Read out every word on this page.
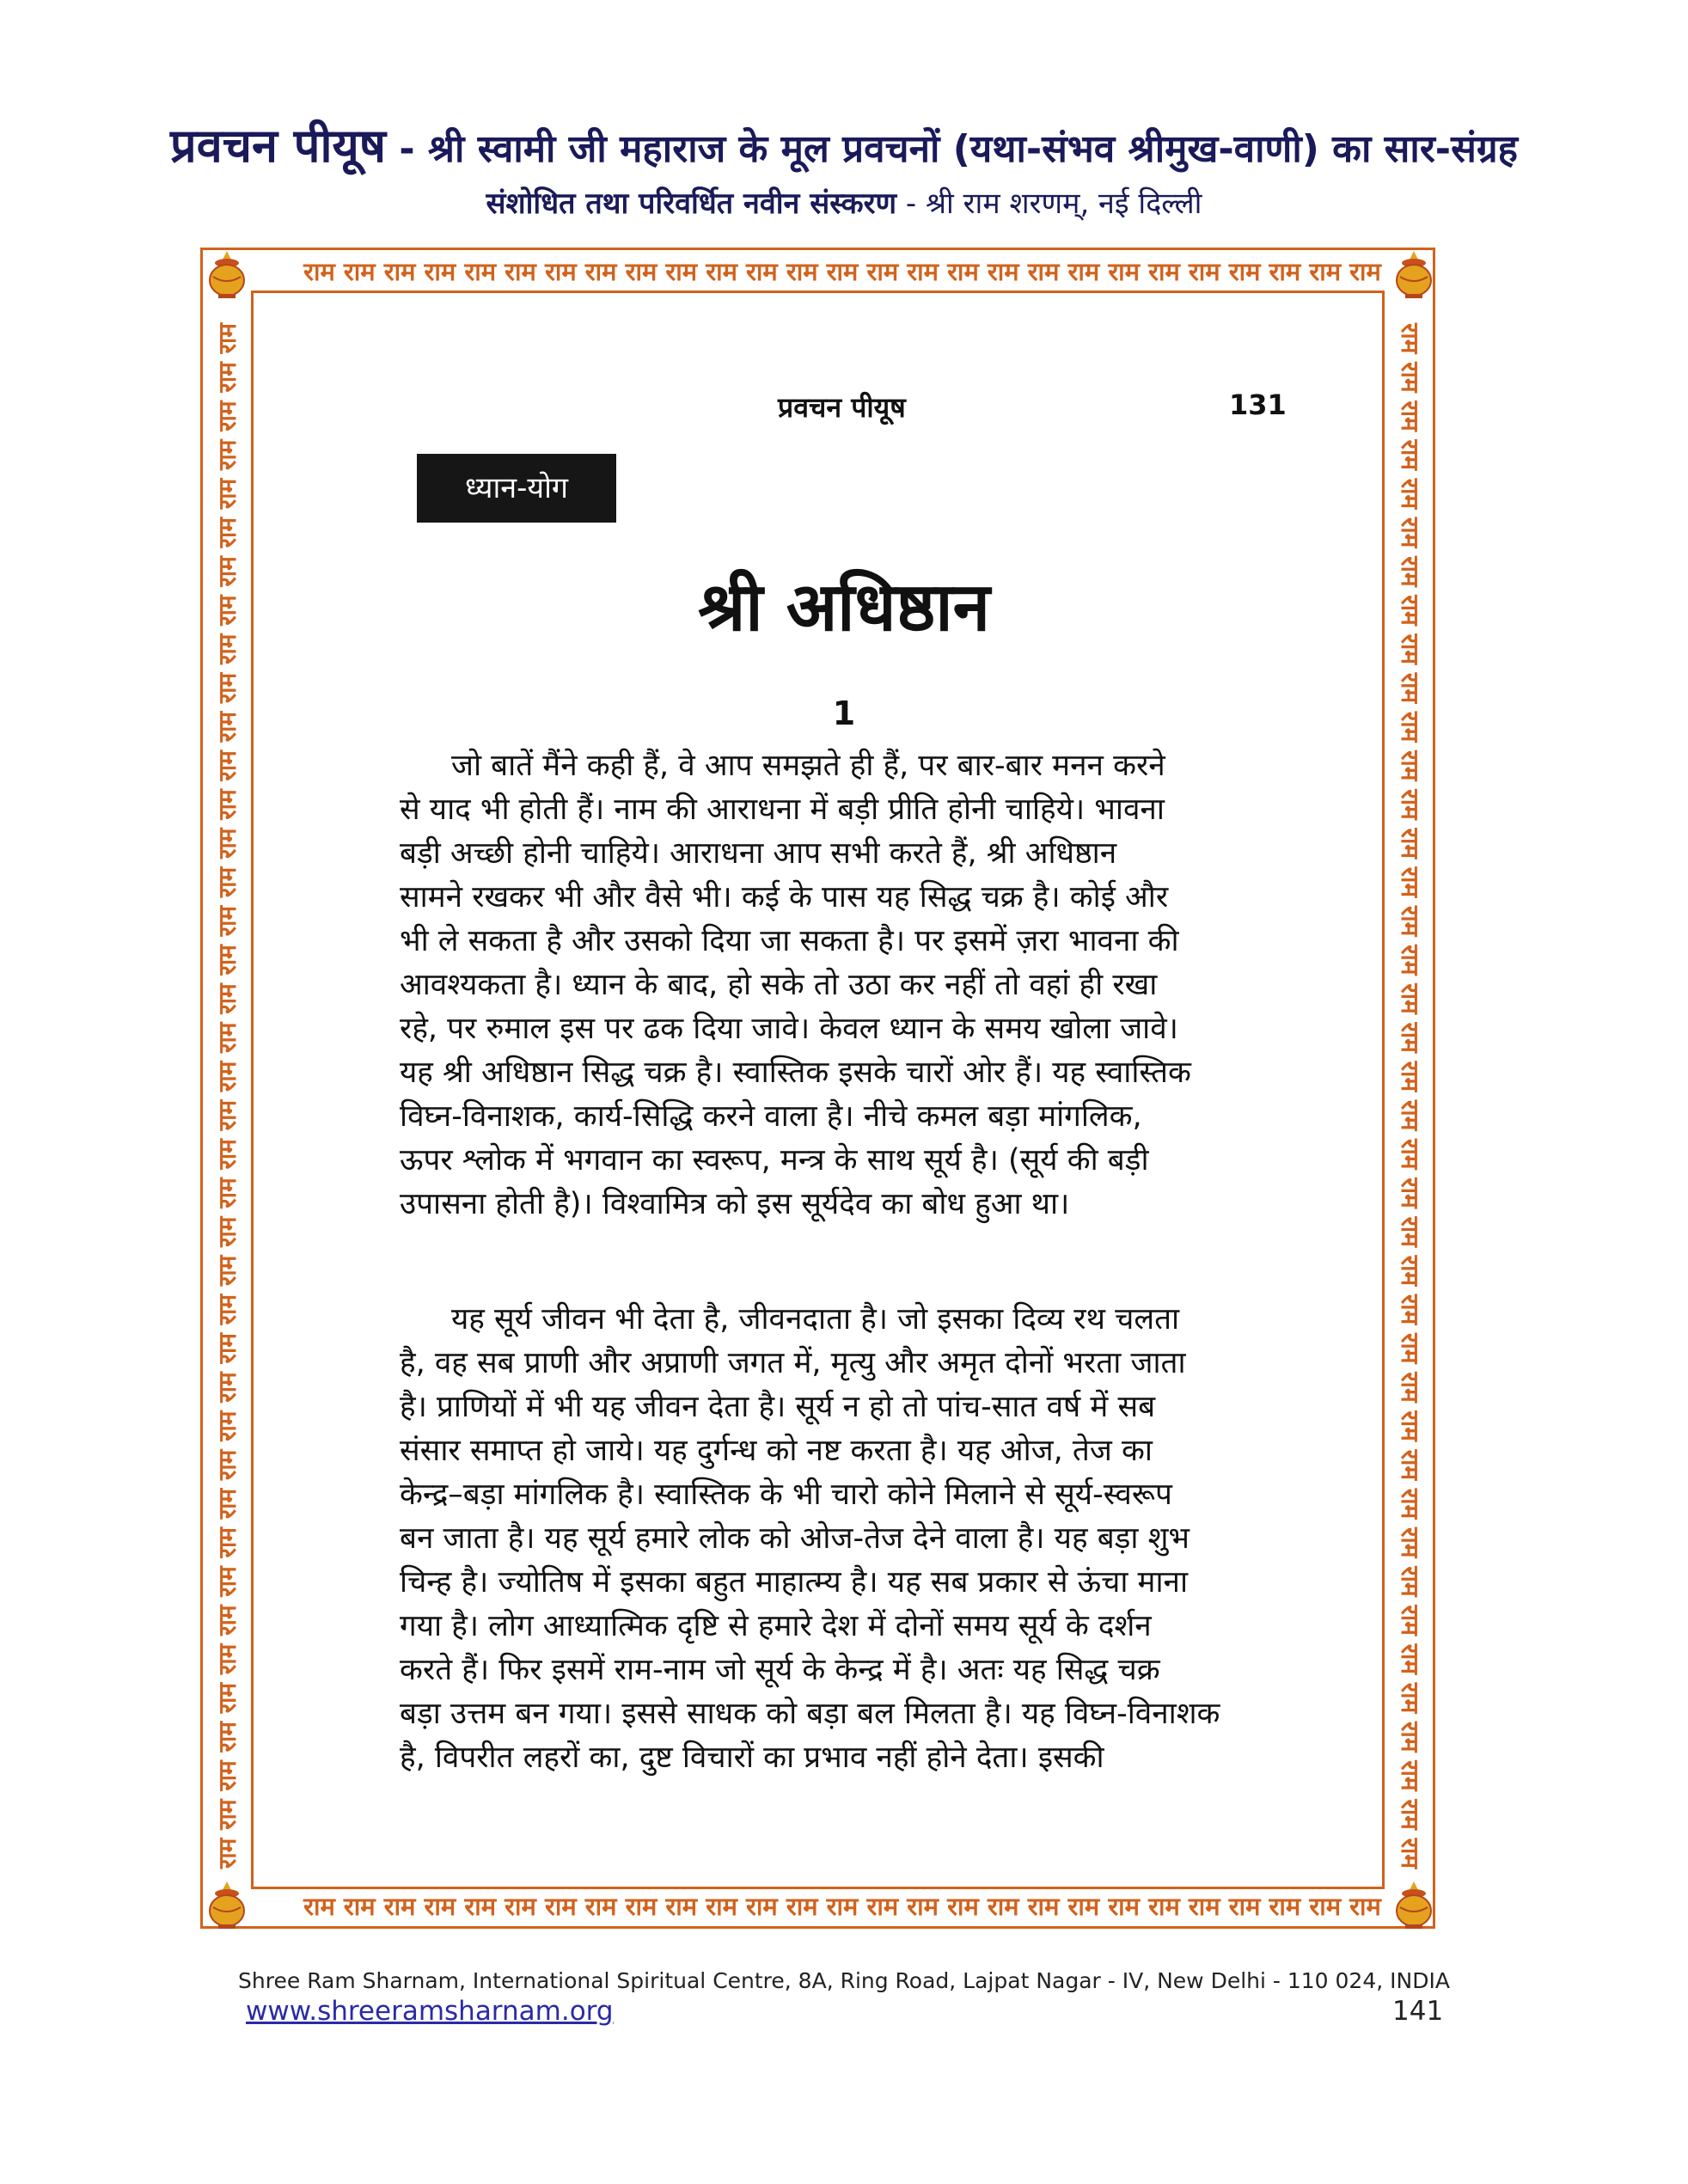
प्रवचन पीयूष - श्री स्वामी जी महाराज के मूल प्रवचनों (यथा-संभव श्रीमुख-वाणी) का सार-संग्रह
संशोधित तथा परिवर्धित नवीन संस्करण - श्री राम शरणम्, नई दिल्ली
राम राम राम राम राम राम राम राम राम राम राम राम राम राम राम राम राम राम राम राम राम राम राम राम राम राम राम
राम राम राम राम राम राम राम राम राम राम राम राम राम राम राम राम राम राम राम राम राम राम राम राम राम राम राम
राम राम राम राम राम राम राम राम राम राम राम राम राम राम राम राम राम राम राम राम राम राम राम राम राम राम राम राम राम राम राम राम राम राम राम राम राम राम राम राम	राम राम राम राम राम राम राम राम राम राम राम राम राम राम राम राम राम राम राम राम राम राम राम राम राम राम राम राम राम राम राम राम राम राम राम राम राम राम राम राम
प्रवचन पीयूष	131
ध्यान-योग
श्री अधिष्ठान
1
जो बातें मैंने कही हैं, वे आप समझते ही हैं, पर बार-बार मनन करने
से याद भी होती हैं। नाम की आराधना में बड़ी प्रीति होनी चाहिये। भावना
बड़ी अच्छी होनी चाहिये। आराधना आप सभी करते हैं, श्री अधिष्ठान
सामने रखकर भी और वैसे भी। कई के पास यह सिद्ध चक्र है। कोई और
भी ले सकता है और उसको दिया जा सकता है। पर इसमें ज़रा भावना की
आवश्यकता है। ध्यान के बाद, हो सके तो उठा कर नहीं तो वहां ही रखा
रहे, पर रुमाल इस पर ढक दिया जावे। केवल ध्यान के समय खोला जावे।
यह श्री अधिष्ठान सिद्ध चक्र है। स्वास्तिक इसके चारों ओर हैं। यह स्वास्तिक
विघ्न-विनाशक, कार्य-सिद्धि करने वाला है। नीचे कमल बड़ा मांगलिक,
ऊपर श्लोक में भगवान का स्वरूप, मन्त्र के साथ सूर्य है। (सूर्य की बड़ी
उपासना होती है)। विश्वामित्र को इस सूर्यदेव का बोध हुआ था।
यह सूर्य जीवन भी देता है, जीवनदाता है। जो इसका दिव्य रथ चलता
है, वह सब प्राणी और अप्राणी जगत में, मृत्यु और अमृत दोनों भरता जाता
है। प्राणियों में भी यह जीवन देता है। सूर्य न हो तो पांच-सात वर्ष में सब
संसार समाप्त हो जाये। यह दुर्गन्ध को नष्ट करता है। यह ओज, तेज का
केन्द्र–बड़ा मांगलिक है। स्वास्तिक के भी चारो कोने मिलाने से सूर्य-स्वरूप
बन जाता है। यह सूर्य हमारे लोक को ओज-तेज देने वाला है। यह बड़ा शुभ
चिन्ह है। ज्योतिष में इसका बहुत माहात्म्य है। यह सब प्रकार से ऊंचा माना
गया है। लोग आध्यात्मिक दृष्टि से हमारे देश में दोनों समय सूर्य के दर्शन
करते हैं। फिर इसमें राम-नाम जो सूर्य के केन्द्र में है। अतः यह सिद्ध चक्र
बड़ा उत्तम बन गया। इससे साधक को बड़ा बल मिलता है। यह विघ्न-विनाशक
है, विपरीत लहरों का, दुष्ट विचारों का प्रभाव नहीं होने देता। इसकी
Shree Ram Sharnam, International Spiritual Centre, 8A, Ring Road, Lajpat Nagar - IV, New Delhi - 110 024, INDIA
www.shreeramsharnam.org	141
